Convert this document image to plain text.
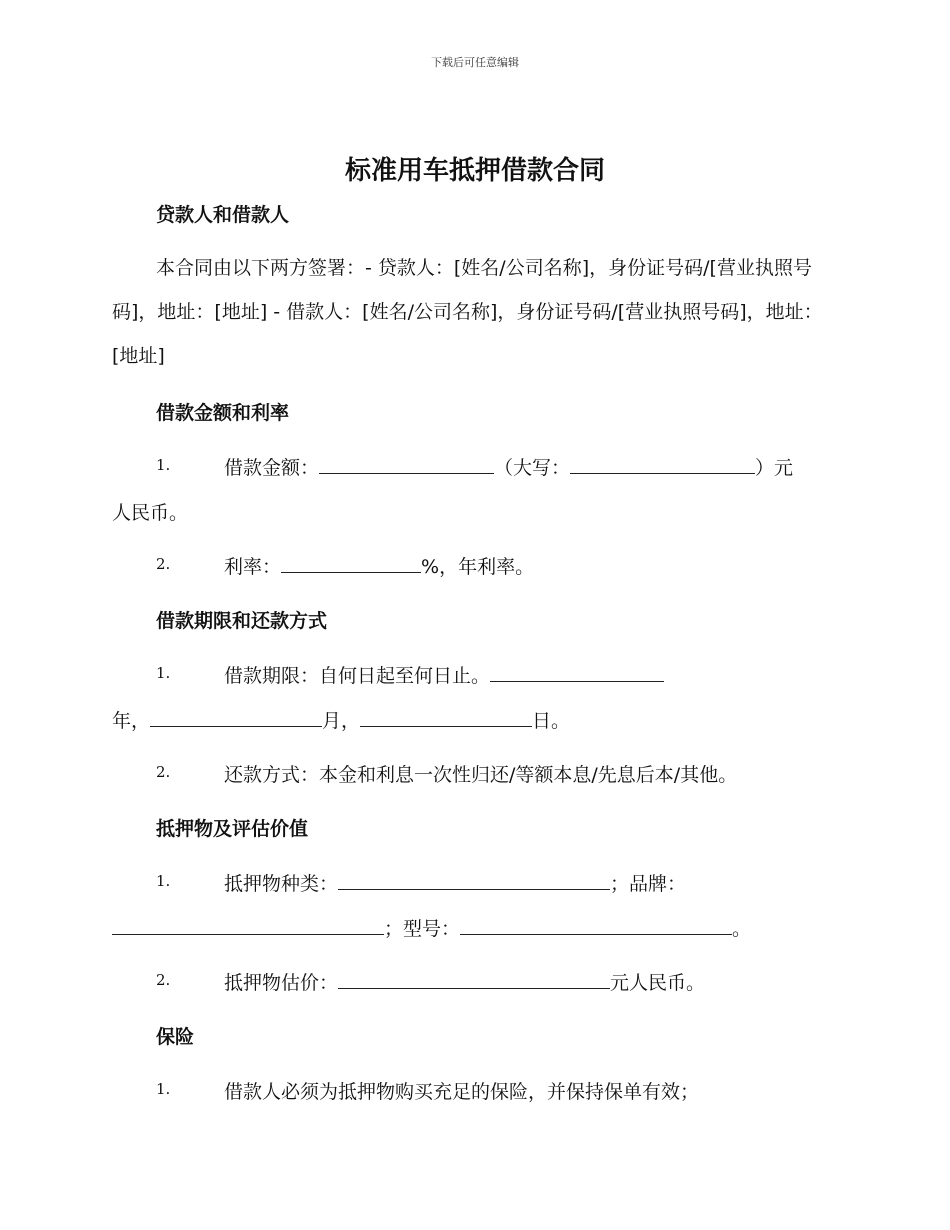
下载后可任意编辑
标准用车抵押借款合同
贷款人和借款人
本合同由以下两方签署：- 贷款人：[姓名/公司名称]，身份证号码/[营业执照号码]，地址：[地址] - 借款人：[姓名/公司名称]，身份证号码/[营业执照号码]，地址：[地址]
借款金额和利率
1.	借款金额：	（大写：	）元
人民币。
2.	利率：	%，年利率。
借款期限和还款方式
1.	借款期限：自何日起至何日止。
年，	月，	日。
2.	还款方式：本金和利息一次性归还/等额本息/先息后本/其他。
抵押物及评估价值
1.	抵押物种类：	；品牌：
；型号：	。
2.	抵押物估价：	元人民币。
保险
1.	借款人必须为抵押物购买充足的保险，并保持保单有效；
